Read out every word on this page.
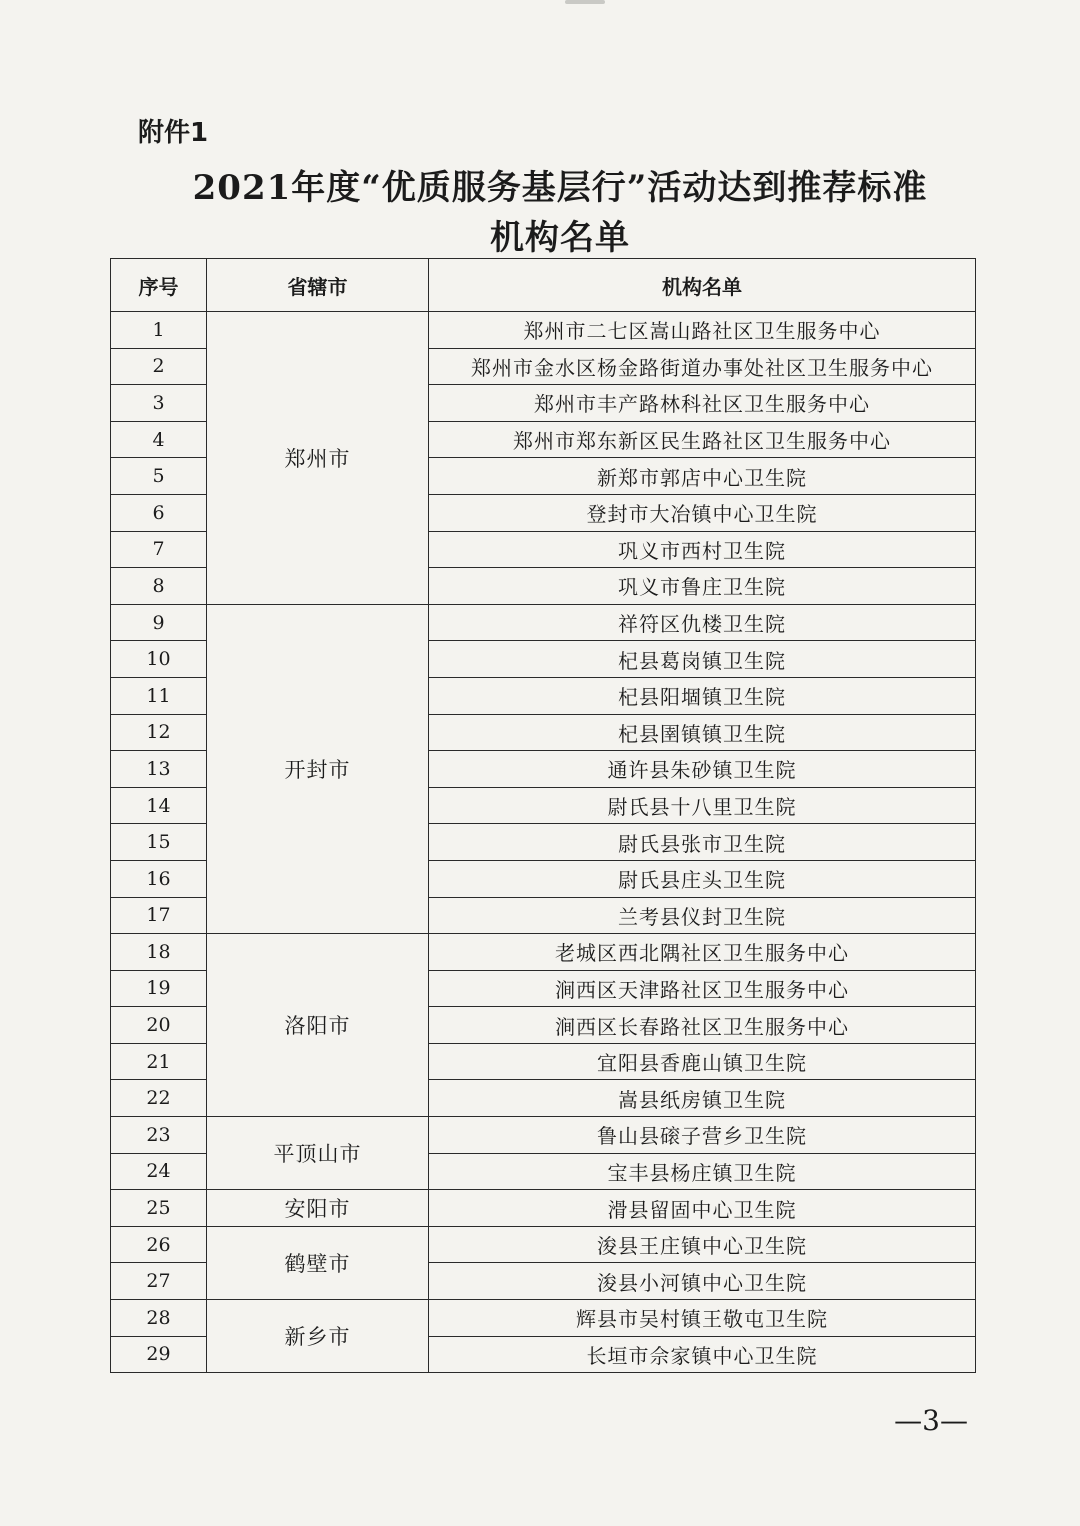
附件1
2021年度“优质服务基层行”活动达到推荐标准
机构名单
序号	省辖市	机构名单
1	郑州市	郑州市二七区嵩山路社区卫生服务中心
2		郑州市金水区杨金路街道办事处社区卫生服务中心
3		郑州市丰产路林科社区卫生服务中心
4		郑州市郑东新区民生路社区卫生服务中心
5		新郑市郭店中心卫生院
6		登封市大冶镇中心卫生院
7		巩义市西村卫生院
8		巩义市鲁庄卫生院
9	开封市	祥符区仇楼卫生院
10		杞县葛岗镇卫生院
11		杞县阳堌镇卫生院
12		杞县圉镇镇卫生院
13		通许县朱砂镇卫生院
14		尉氏县十八里卫生院
15		尉氏县张市卫生院
16		尉氏县庄头卫生院
17		兰考县仪封卫生院
18	洛阳市	老城区西北隅社区卫生服务中心
19		涧西区天津路社区卫生服务中心
20		涧西区长春路社区卫生服务中心
21		宜阳县香鹿山镇卫生院
22		嵩县纸房镇卫生院
23	平顶山市	鲁山县磙子营乡卫生院
24		宝丰县杨庄镇卫生院
25	安阳市	滑县留固中心卫生院
26	鹤壁市	浚县王庄镇中心卫生院
27		浚县小河镇中心卫生院
28	新乡市	辉县市吴村镇王敬屯卫生院
29		长垣市佘家镇中心卫生院
—3—
